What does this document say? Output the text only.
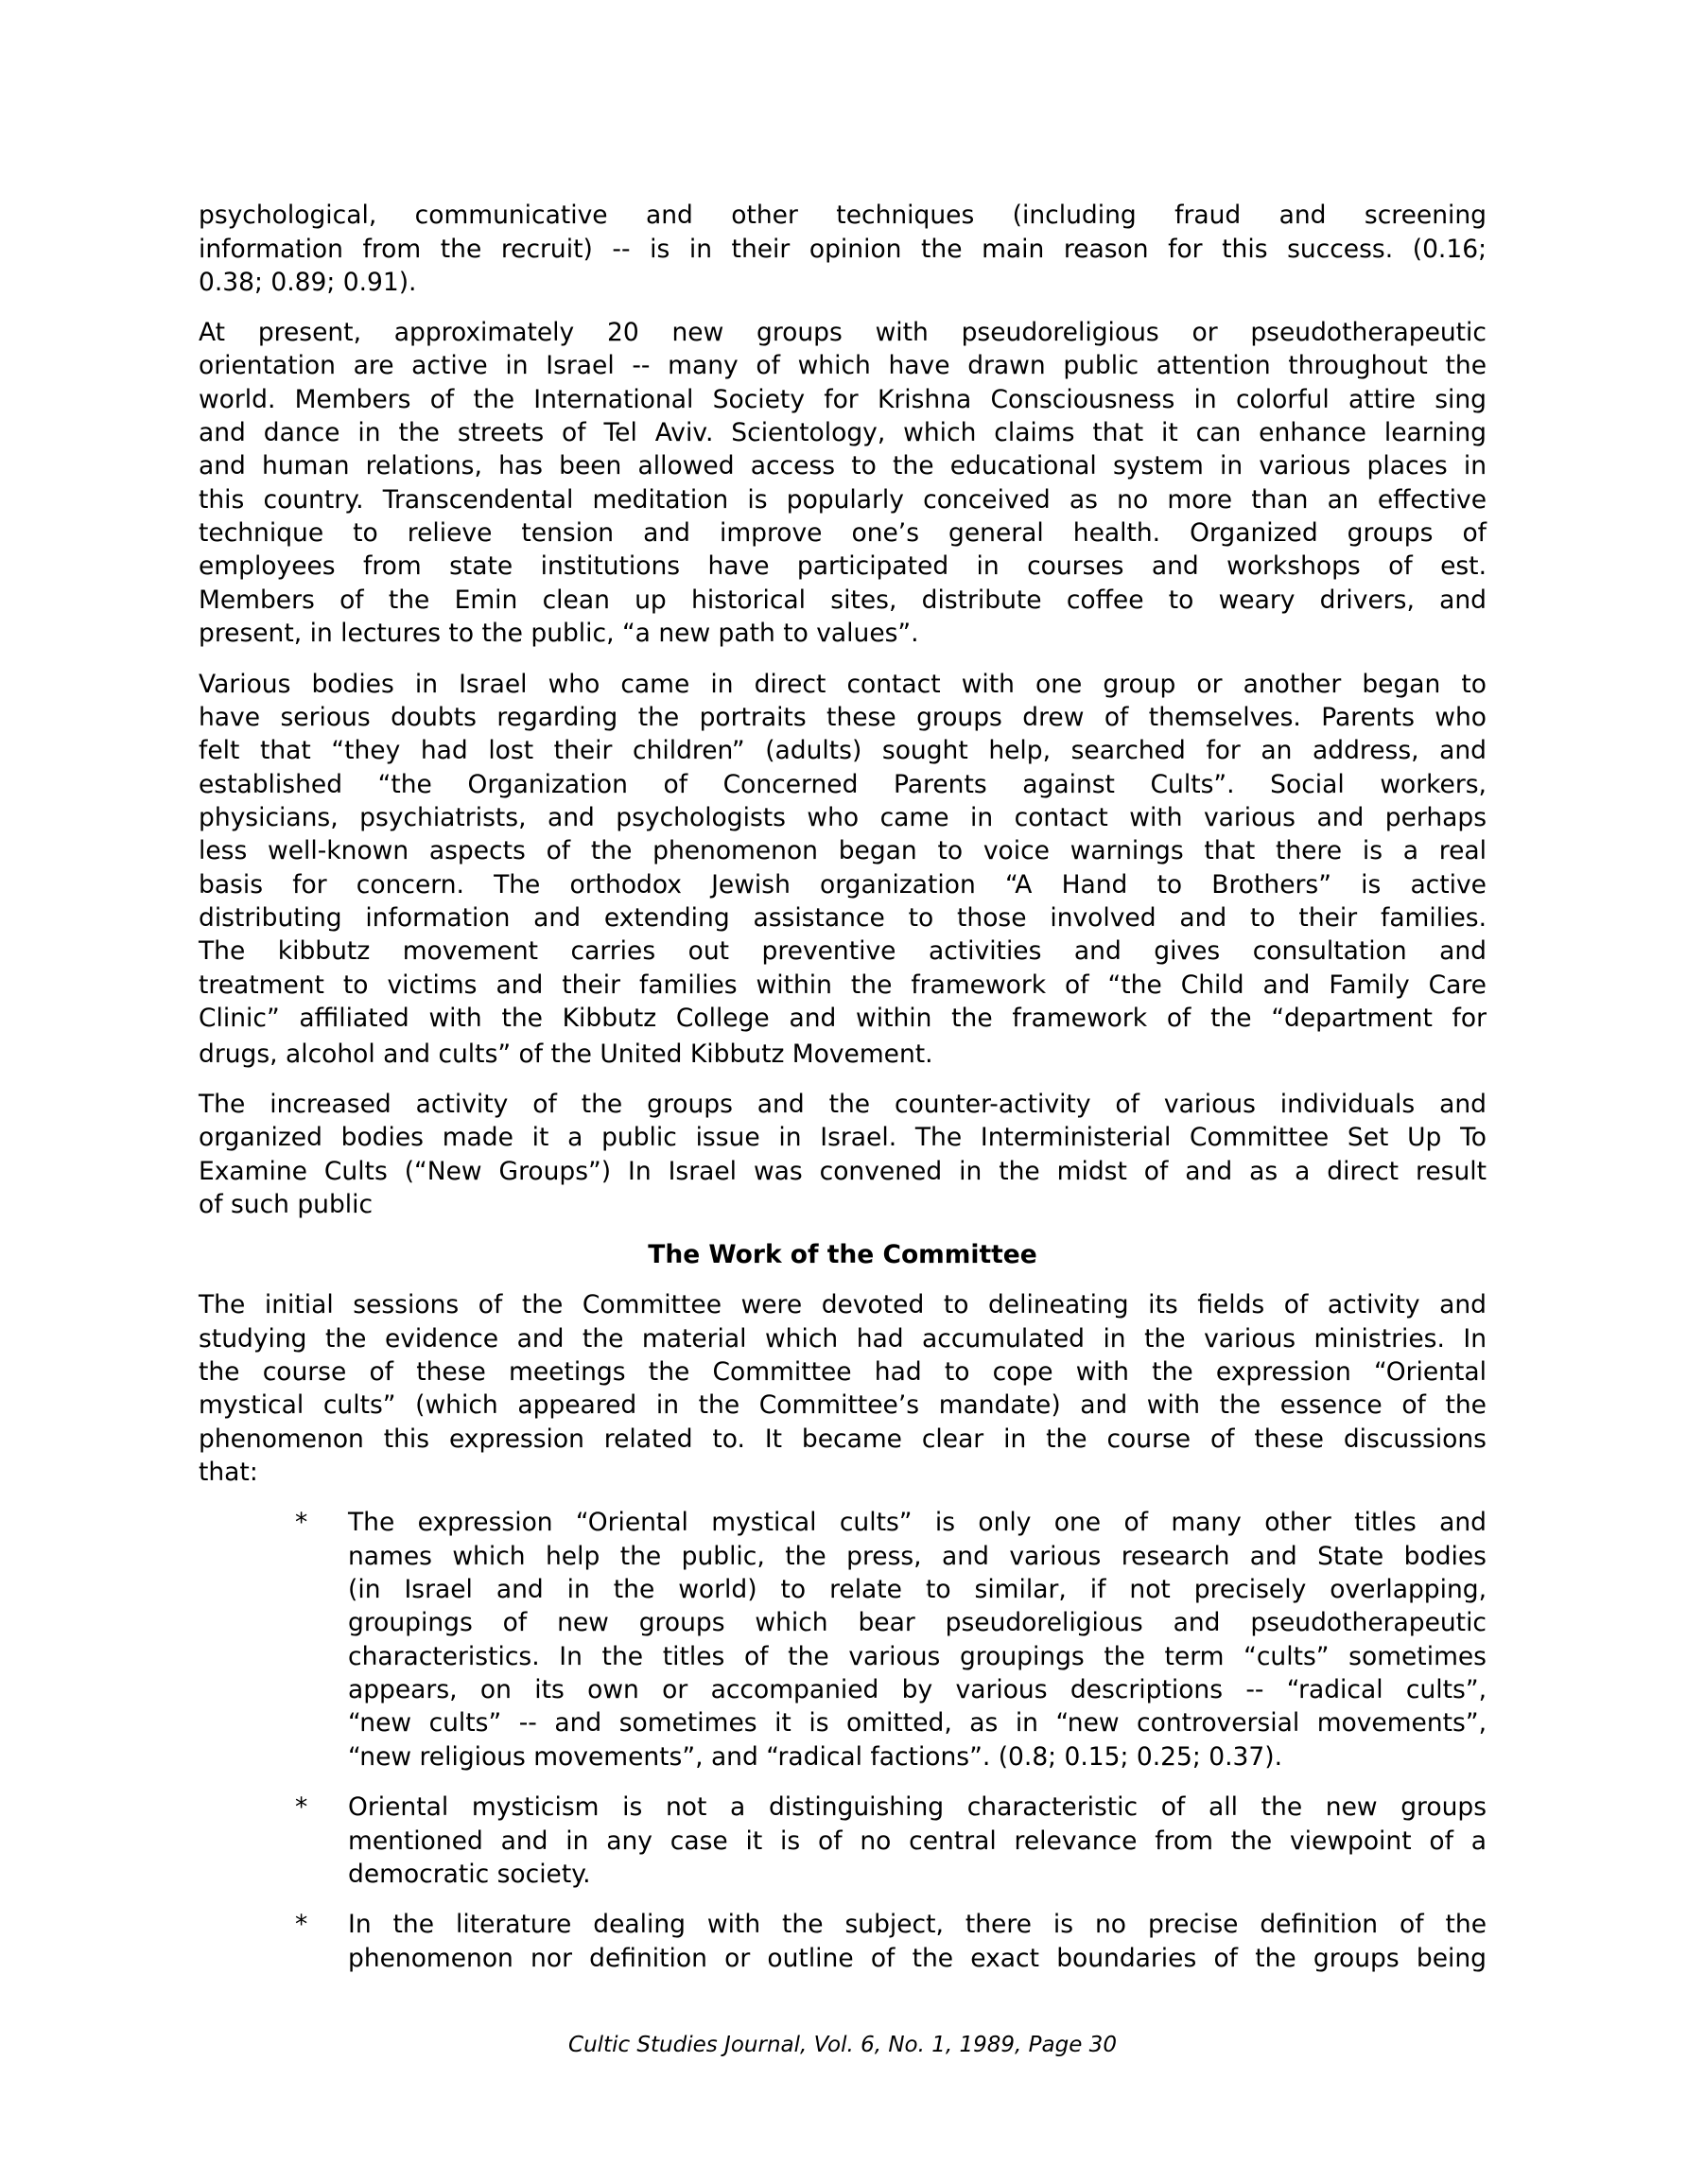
psychological, communicative and other techniques (including fraud and screening
information from the recruit) -- is in their opinion the main reason for this success. (0.16;
0.38; 0.89; 0.91).
At present, approximately 20 new groups with pseudoreligious or pseudotherapeutic
orientation are active in Israel -- many of which have drawn public attention throughout the
world. Members of the International Society for Krishna Consciousness in colorful attire sing
and dance in the streets of Tel Aviv. Scientology, which claims that it can enhance learning
and human relations, has been allowed access to the educational system in various places in
this country. Transcendental meditation is popularly conceived as no more than an effective
technique to relieve tension and improve one’s general health. Organized groups of
employees from state institutions have participated in courses and workshops of est.
Members of the Emin clean up historical sites, distribute coffee to weary drivers, and
present, in lectures to the public, “a new path to values”.
Various bodies in Israel who came in direct contact with one group or another began to
have serious doubts regarding the portraits these groups drew of themselves. Parents who
felt that “they had lost their children” (adults) sought help, searched for an address, and
established “the Organization of Concerned Parents against Cults”. Social workers,
physicians, psychiatrists, and psychologists who came in contact with various and perhaps
less well-known aspects of the phenomenon began to voice warnings that there is a real
basis for concern. The orthodox Jewish organization “A Hand to Brothers” is active
distributing information and extending assistance to those involved and to their families.
The kibbutz movement carries out preventive activities and gives consultation and
treatment to victims and their families within the framework of “the Child and Family Care
Clinic” affiliated with the Kibbutz College and within the framework of the “department for
drugs, alcohol and cults” of the United Kibbutz Movement.
The increased activity of the groups and the counter-activity of various individuals and
organized bodies made it a public issue in Israel. The Interministerial Committee Set Up To
Examine Cults (“New Groups”) In Israel was convened in the midst of and as a direct result
of such public
The Work of the Committee
The initial sessions of the Committee were devoted to delineating its fields of activity and
studying the evidence and the material which had accumulated in the various ministries. In
the course of these meetings the Committee had to cope with the expression “Oriental
mystical cults” (which appeared in the Committee’s mandate) and with the essence of the
phenomenon this expression related to. It became clear in the course of these discussions
that:
*	The expression “Oriental mystical cults” is only one of many other titles and
names which help the public, the press, and various research and State bodies
(in Israel and in the world) to relate to similar, if not precisely overlapping,
groupings of new groups which bear pseudoreligious and pseudotherapeutic
characteristics. In the titles of the various groupings the term “cults” sometimes
appears, on its own or accompanied by various descriptions -- “radical cults”,
“new cults” -- and sometimes it is omitted, as in “new controversial movements”,
“new religious movements”, and “radical factions”. (0.8; 0.15; 0.25; 0.37).
*	Oriental mysticism is not a distinguishing characteristic of all the new groups
mentioned and in any case it is of no central relevance from the viewpoint of a
democratic society.
*	In the literature dealing with the subject, there is no precise definition of the
phenomenon nor definition or outline of the exact boundaries of the groups being
Cultic Studies Journal, Vol. 6, No. 1, 1989, Page 30
